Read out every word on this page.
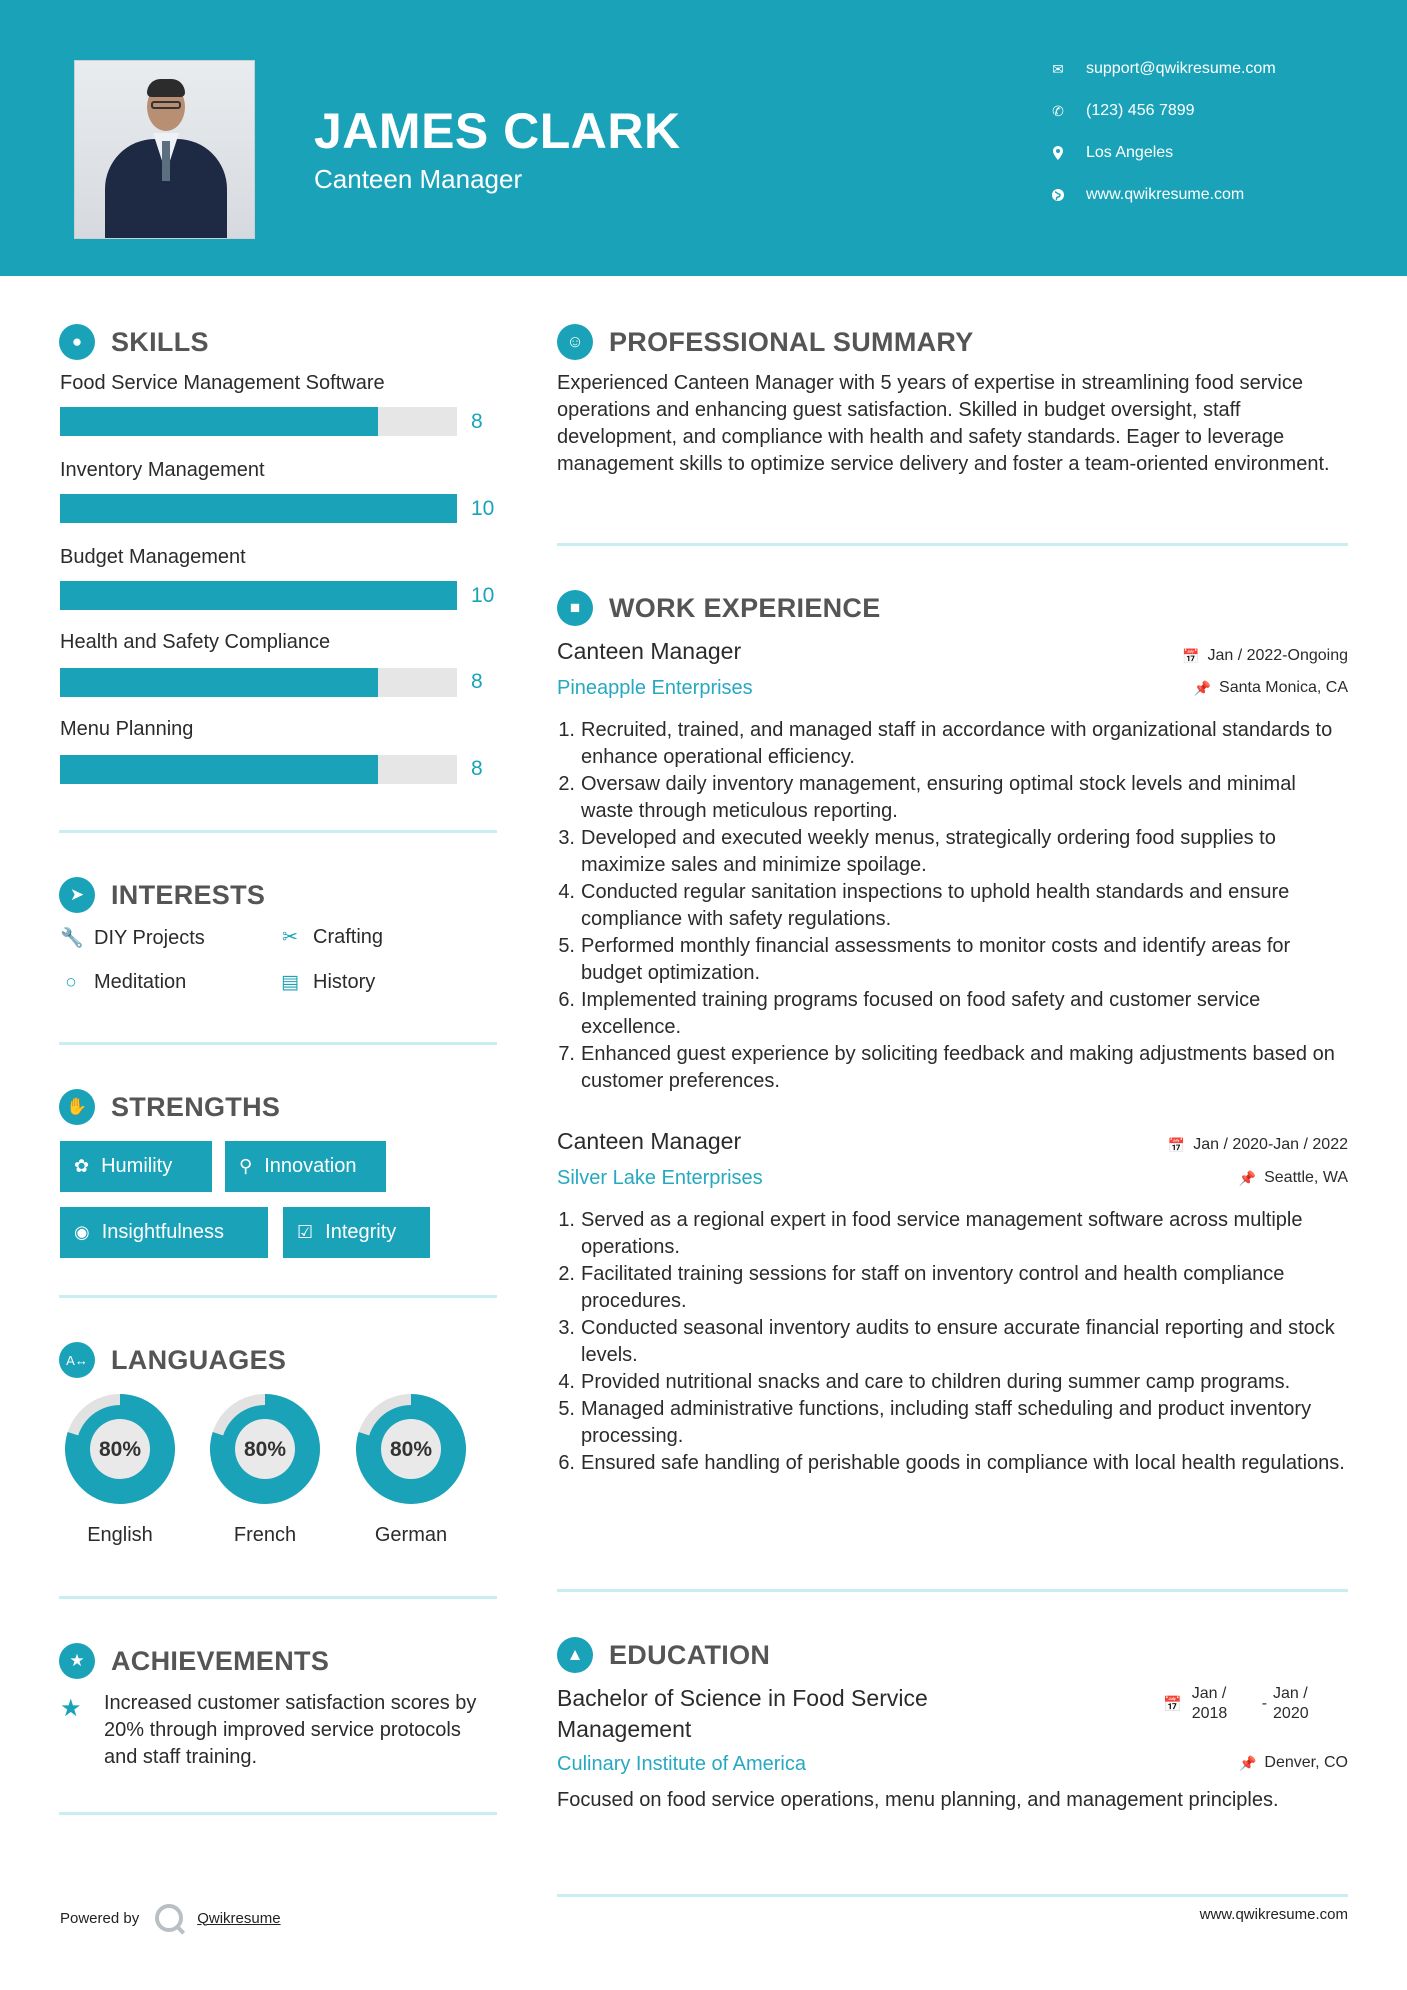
JAMES CLARK
Canteen Manager
✉ support@qwikresume.com
✆ (123) 456 7899
Los Angeles
www.qwikresume.com
●	SKILLS
Food Service Management Software
8
Inventory Management
10
Budget Management
10
Health and Safety Compliance
8
Menu Planning
8
➤ INTERESTS
🔧 DIY Projects	✂ Crafting
○ Meditation	▤ History
✋ STRENGTHS
✿ Humility	⚲ Innovation
◉ Insightfulness	☑ Integrity
A↔ LANGUAGES
80%
English
80%
French
80%
German
★ ACHIEVEMENTS
★ Increased customer satisfaction scores by 20% through improved service protocols and staff training.
☺ PROFESSIONAL SUMMARY
Experienced Canteen Manager with 5 years of expertise in streamlining food service operations and enhancing guest satisfaction. Skilled in budget oversight, staff development, and compliance with health and safety standards. Eager to leverage management skills to optimize service delivery and foster a team-oriented environment.
■	WORK EXPERIENCE
Canteen Manager	📅 Jan / 2022-Ongoing
Pineapple Enterprises	📌 Santa Monica, CA
1. Recruited, trained, and managed staff in accordance with organizational standards to enhance operational efficiency.
2. Oversaw daily inventory management, ensuring optimal stock levels and minimal waste through meticulous reporting.
3. Developed and executed weekly menus, strategically ordering food supplies to maximize sales and minimize spoilage.
4. Conducted regular sanitation inspections to uphold health standards and ensure compliance with safety regulations.
5. Performed monthly financial assessments to monitor costs and identify areas for budget optimization.
6. Implemented training programs focused on food safety and customer service excellence.
7. Enhanced guest experience by soliciting feedback and making adjustments based on customer preferences.
Canteen Manager	📅 Jan / 2020-Jan / 2022
Silver Lake Enterprises	📌 Seattle, WA
1. Served as a regional expert in food service management software across multiple operations.
2. Facilitated training sessions for staff on inventory control and health compliance procedures.
3. Conducted seasonal inventory audits to ensure accurate financial reporting and stock levels.
4. Provided nutritional snacks and care to children during summer camp programs.
5. Managed administrative functions, including staff scheduling and product inventory processing.
6. Ensured safe handling of perishable goods in compliance with local health regulations.
▲ EDUCATION
Bachelor of Science in Food Service Management
📅
Jan / 2018
-
Jan / 2020
Culinary Institute of America	📌 Denver, CO
Focused on food service operations, menu planning, and management principles.
Powered by	Qwikresume	www.qwikresume.com
